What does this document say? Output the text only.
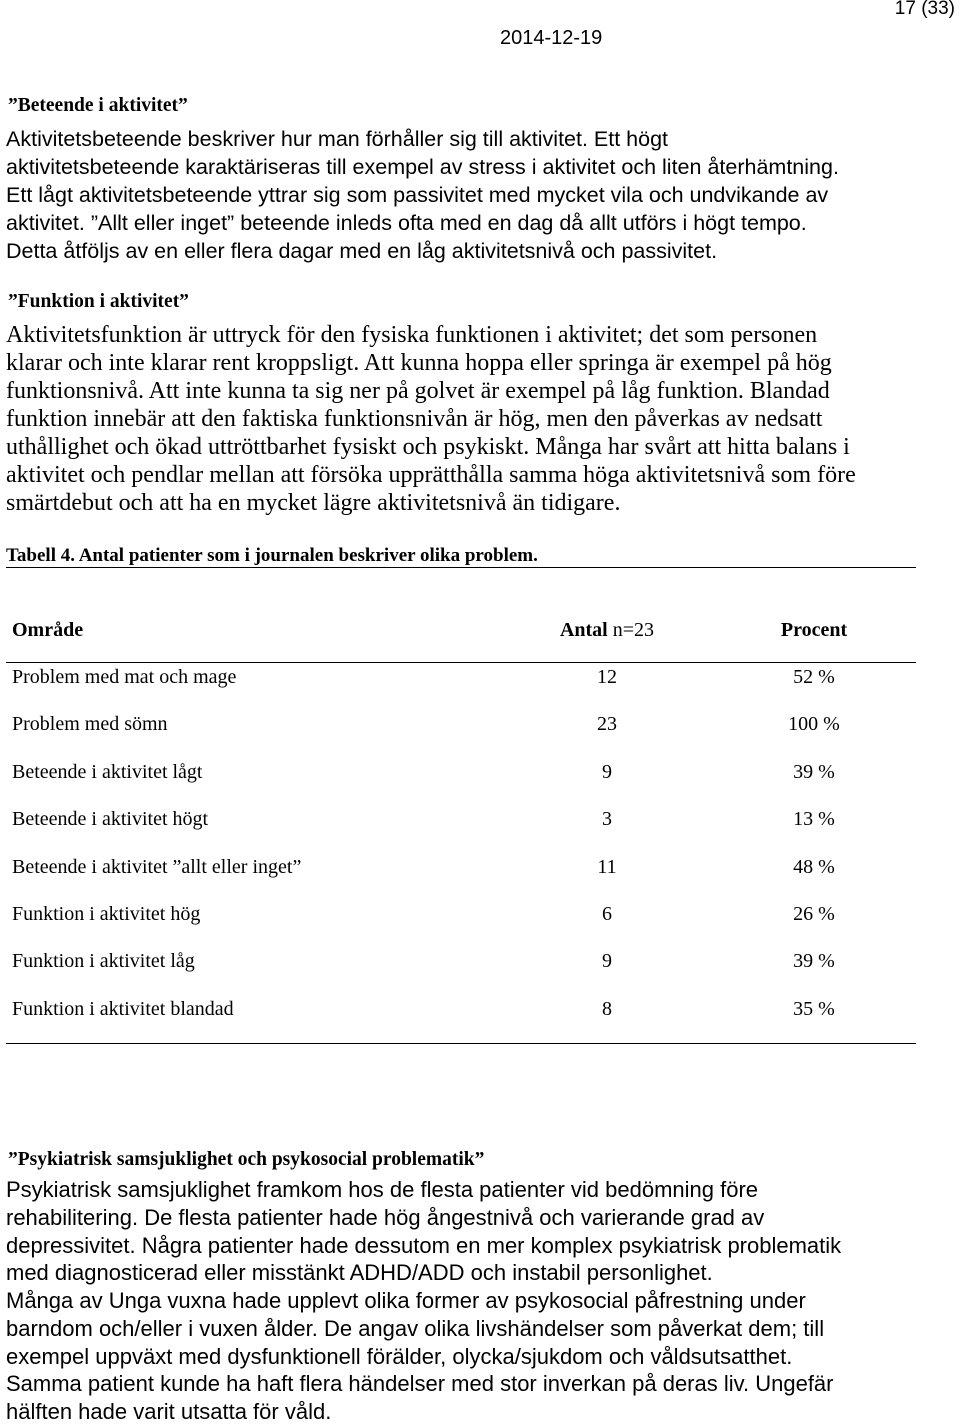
2014-12-19
17 (33)
”Beteende i aktivitet”
Aktivitetsbeteende beskriver hur man förhåller sig till aktivitet. Ett högt
aktivitetsbeteende karaktäriseras till exempel av stress i aktivitet och liten återhämtning.
Ett lågt aktivitetsbeteende yttrar sig som passivitet med mycket vila och undvikande av
aktivitet. ”Allt eller inget” beteende inleds ofta med en dag då allt utförs i högt tempo.
Detta åtföljs av en eller flera dagar med en låg aktivitetsnivå och passivitet.
”Funktion i aktivitet”
Aktivitetsfunktion är uttryck för den fysiska funktionen i aktivitet; det som personen
klarar och inte klarar rent kroppsligt. Att kunna hoppa eller springa är exempel på hög
funktionsnivå. Att inte kunna ta sig ner på golvet är exempel på låg funktion. Blandad
funktion innebär att den faktiska funktionsnivån är hög, men den påverkas av nedsatt
uthållighet och ökad uttröttbarhet fysiskt och psykiskt. Många har svårt att hitta balans i
aktivitet och pendlar mellan att försöka upprätthålla samma höga aktivitetsnivå som före
smärtdebut och att ha en mycket lägre aktivitetsnivå än tidigare.
Tabell 4. Antal patienter som i journalen beskriver olika problem.
Område	Antal n=23	Procent
Problem med mat och mage	12	52 %
Problem med sömn	23	100 %
Beteende i aktivitet lågt	9	39 %
Beteende i aktivitet högt	3	13 %
Beteende i aktivitet ”allt eller inget”	11	48 %
Funktion i aktivitet hög	6	26 %
Funktion i aktivitet låg	9	39 %
Funktion i aktivitet blandad	8	35 %
”Psykiatrisk samsjuklighet och psykosocial problematik”
Psykiatrisk samsjuklighet framkom hos de flesta patienter vid bedömning före
rehabilitering. De flesta patienter hade hög ångestnivå och varierande grad av
depressivitet. Några patienter hade dessutom en mer komplex psykiatrisk problematik
med diagnosticerad eller misstänkt ADHD/ADD och instabil personlighet.
Många av Unga vuxna hade upplevt olika former av psykosocial påfrestning under
barndom och/eller i vuxen ålder. De angav olika livshändelser som påverkat dem; till
exempel uppväxt med dysfunktionell förälder, olycka/sjukdom och våldsutsatthet.
Samma patient kunde ha haft flera händelser med stor inverkan på deras liv. Ungefär
hälften hade varit utsatta för våld.
